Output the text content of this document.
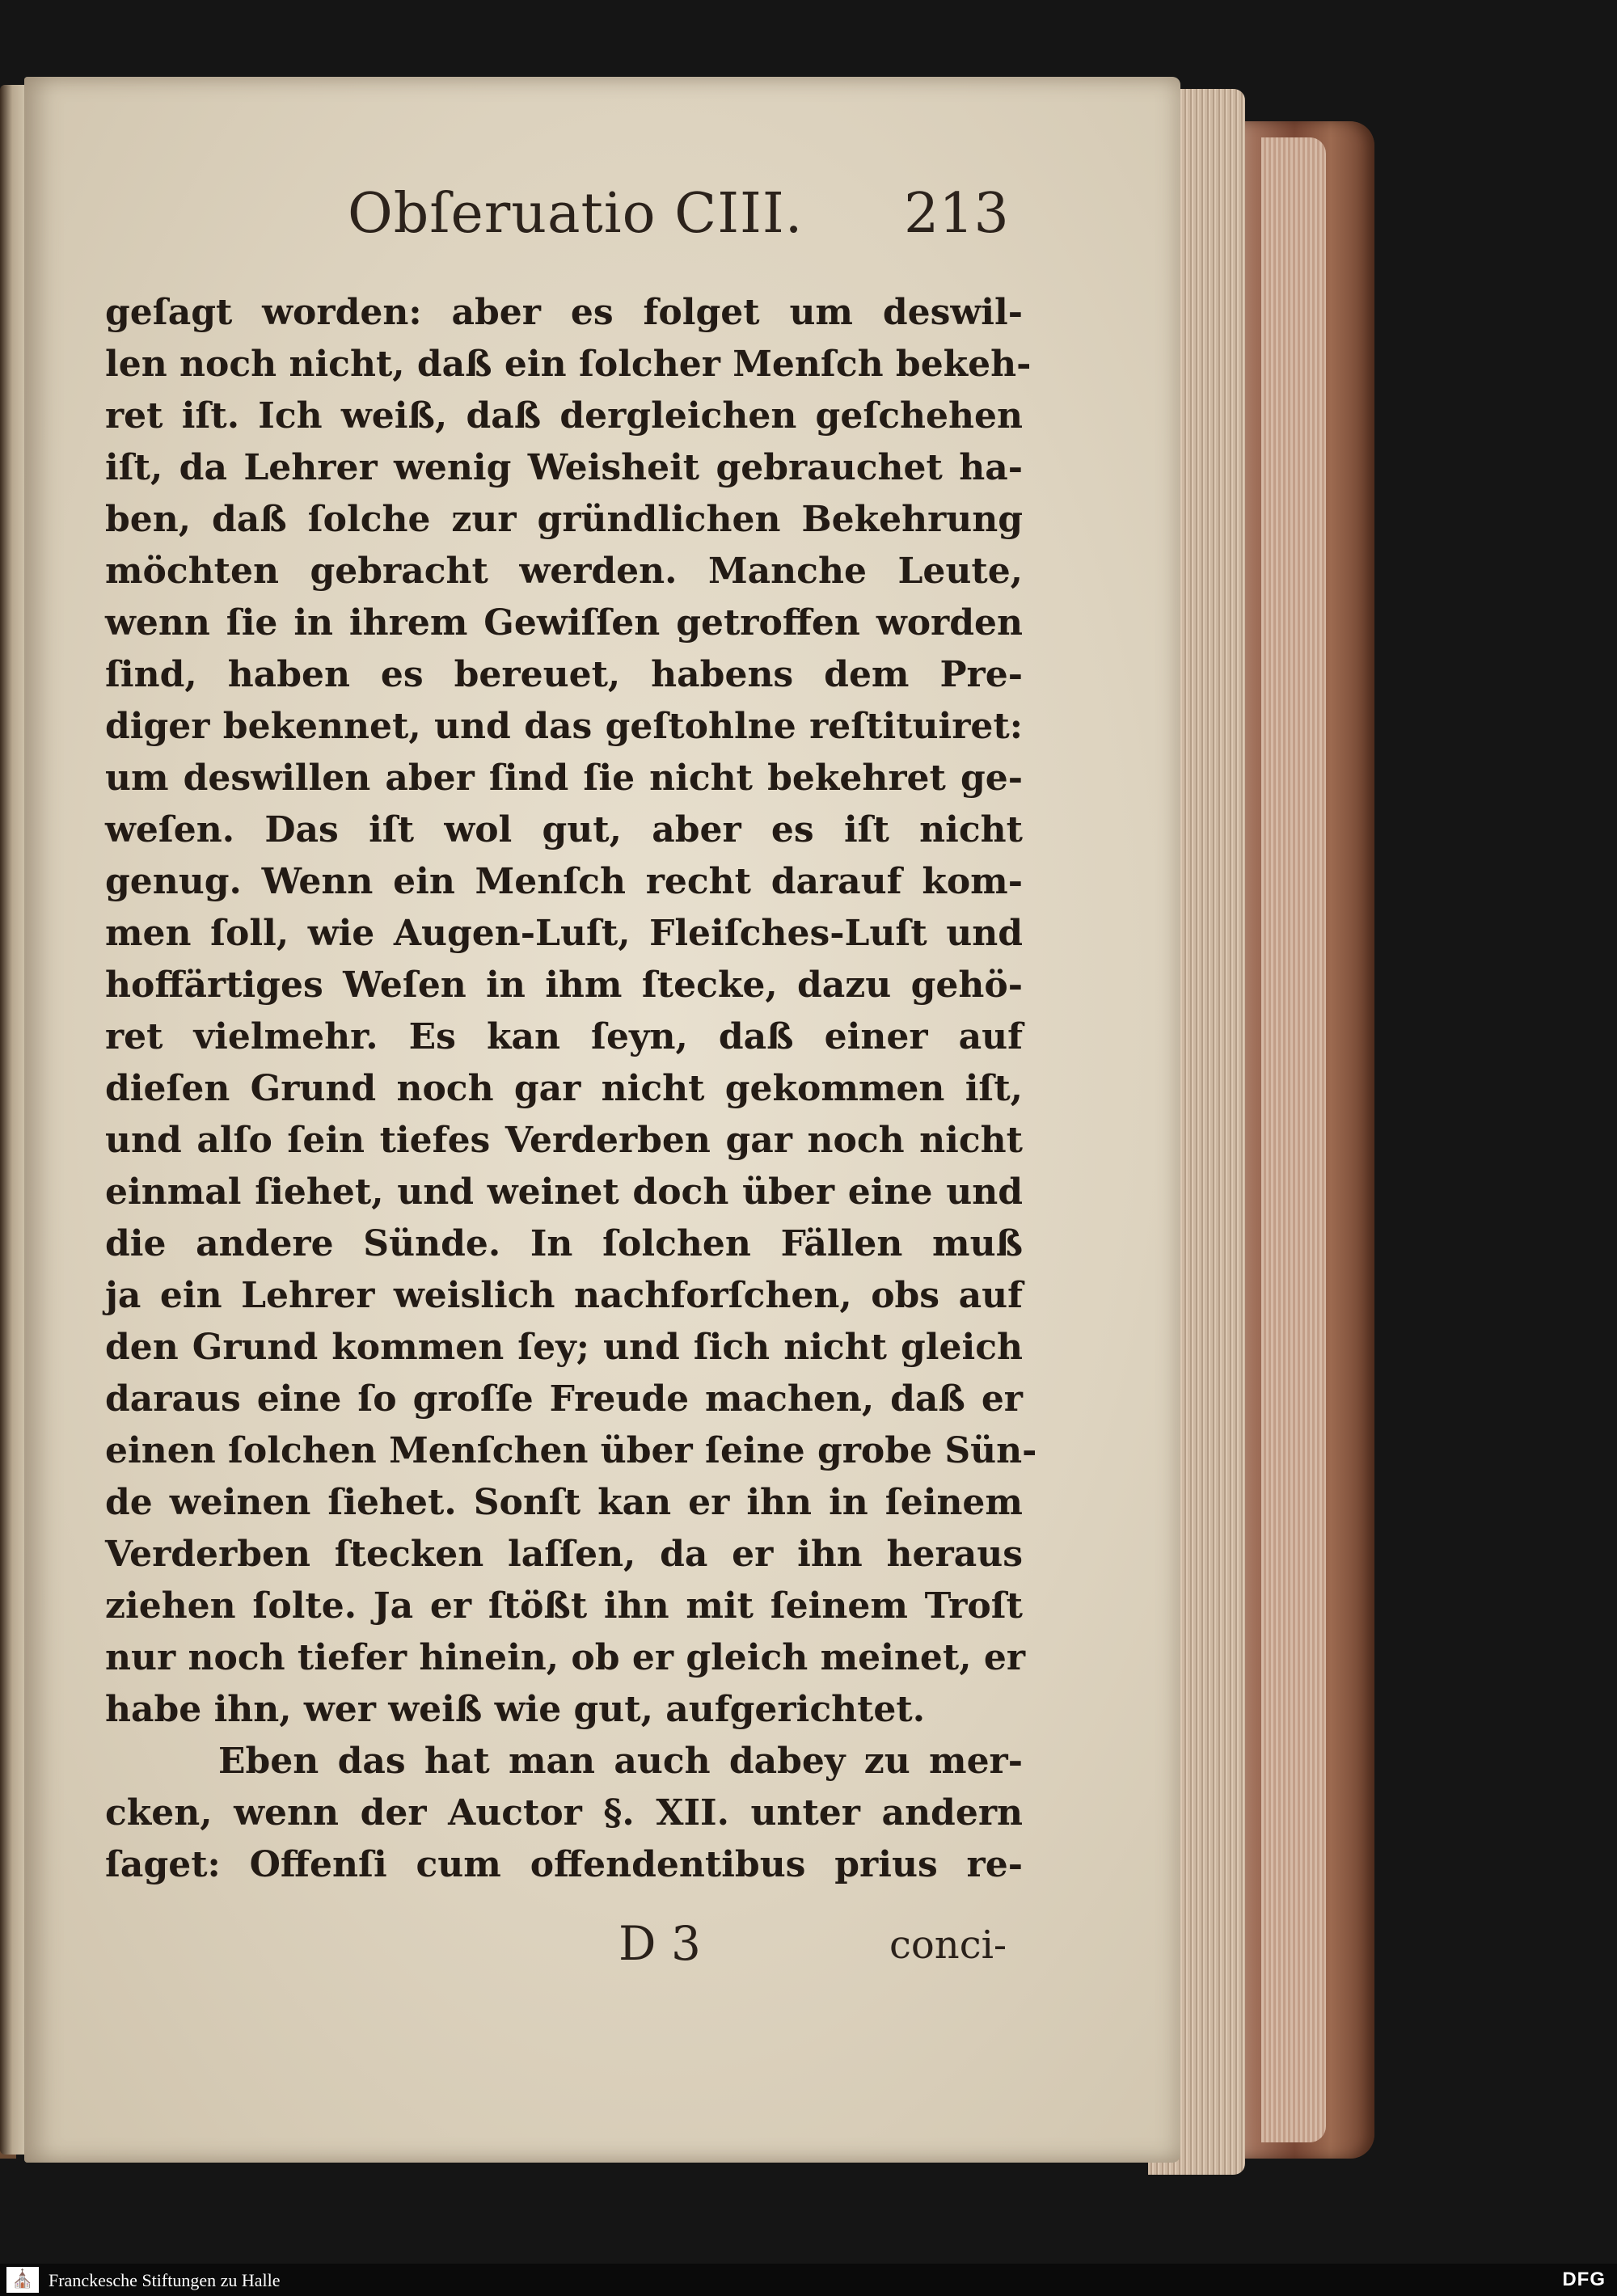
Obſeruatio CIII. 213
geſagt worden: aber es folget um deswil-
len noch nicht, daß ein ſolcher Menſch bekeh-
ret iſt. Ich weiß, daß dergleichen geſchehen
iſt, da Lehrer wenig Weisheit gebrauchet ha-
ben, daß ſolche zur gründlichen Bekehrung
möchten gebracht werden. Manche Leute,
wenn ſie in ihrem Gewiſſen getroffen worden
ſind, haben es bereuet, habens dem Pre-
diger bekennet, und das geſtohlne reſtituiret:
um deswillen aber ſind ſie nicht bekehret ge-
weſen. Das iſt wol gut, aber es iſt nicht
genug. Wenn ein Menſch recht darauf kom-
men ſoll, wie Augen-Luſt, Fleiſches-Luſt und
hoffärtiges Weſen in ihm ſtecke, dazu gehö-
ret vielmehr. Es kan ſeyn, daß einer auf
dieſen Grund noch gar nicht gekommen iſt,
und alſo ſein tiefes Verderben gar noch nicht
einmal ſiehet, und weinet doch über eine und
die andere Sünde. In ſolchen Fällen muß
ja ein Lehrer weislich nachforſchen, obs auf
den Grund kommen ſey; und ſich nicht gleich
daraus eine ſo groſſe Freude machen, daß er
einen ſolchen Menſchen über ſeine grobe Sün-
de weinen ſiehet. Sonſt kan er ihn in ſeinem
Verderben ſtecken laſſen, da er ihn heraus
ziehen ſolte. Ja er ſtößt ihn mit ſeinem Troſt
nur noch tiefer hinein, ob er gleich meinet, er
habe ihn, wer weiß wie gut, aufgerichtet.
Eben das hat man auch dabey zu mer-
cken, wenn der Auctor §. XII. unter andern
ſaget: Offenſi cum offendentibus prius re-
D 3	conci-
⛪ Franckesche Stiftungen zu Halle	DFG
